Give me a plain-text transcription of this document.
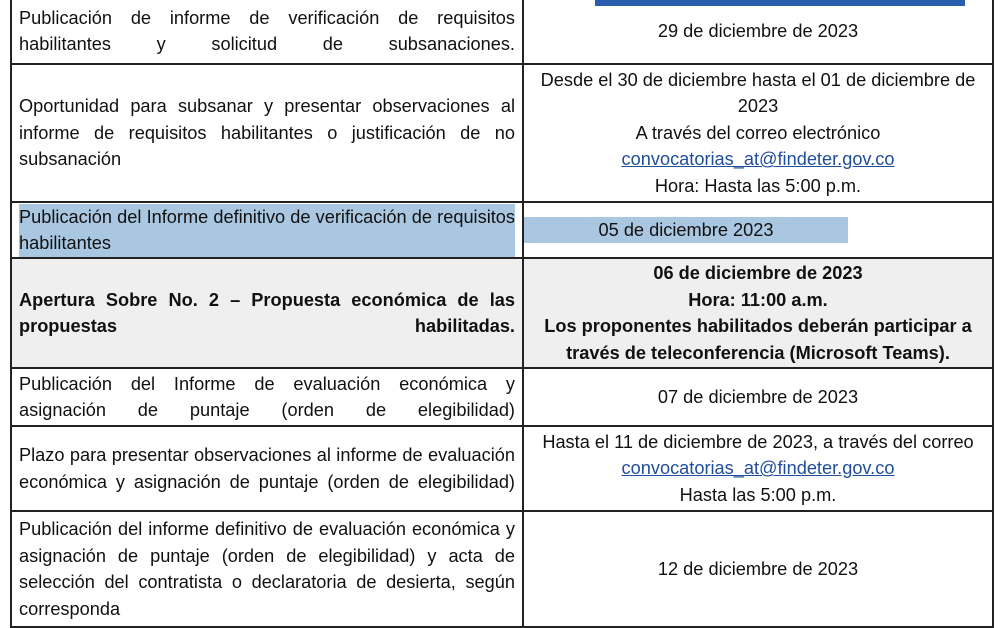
Publicación de informe de verificación de requisitos habilitantes y solicitud de subsanaciones.	29 de diciembre de 2023
Oportunidad para subsanar y presentar observaciones al informe de requisitos habilitantes o justificación de no subsanación	Desde el 30 de diciembre hasta el 01 de diciembre de 2023
A través del correo electrónico
convocatorias_at@findeter.gov.co
Hora: Hasta las 5:00 p.m.

Publicación del Informe definitivo de verificación de requisitos habilitantes	05 de diciembre 2023

Apertura Sobre No. 2 – Propuesta económica de las propuestas habilitadas.	06 de diciembre de 2023
Hora: 11:00 a.m.
Los proponentes habilitados deberán participar a través de teleconferencia (Microsoft Teams).

Publicación del Informe de evaluación económica y asignación de puntaje (orden de elegibilidad)	07 de diciembre de 2023
Plazo para presentar observaciones al informe de evaluación económica y asignación de puntaje (orden de elegibilidad)	Hasta el 11 de diciembre de 2023, a través del correo convocatorias_at@findeter.gov.co
Hasta las 5:00 p.m.

Publicación del informe definitivo de evaluación económica y asignación de puntaje (orden de elegibilidad) y acta de selección del contratista o declaratoria de desierta, según corresponda	12 de diciembre de 2023
